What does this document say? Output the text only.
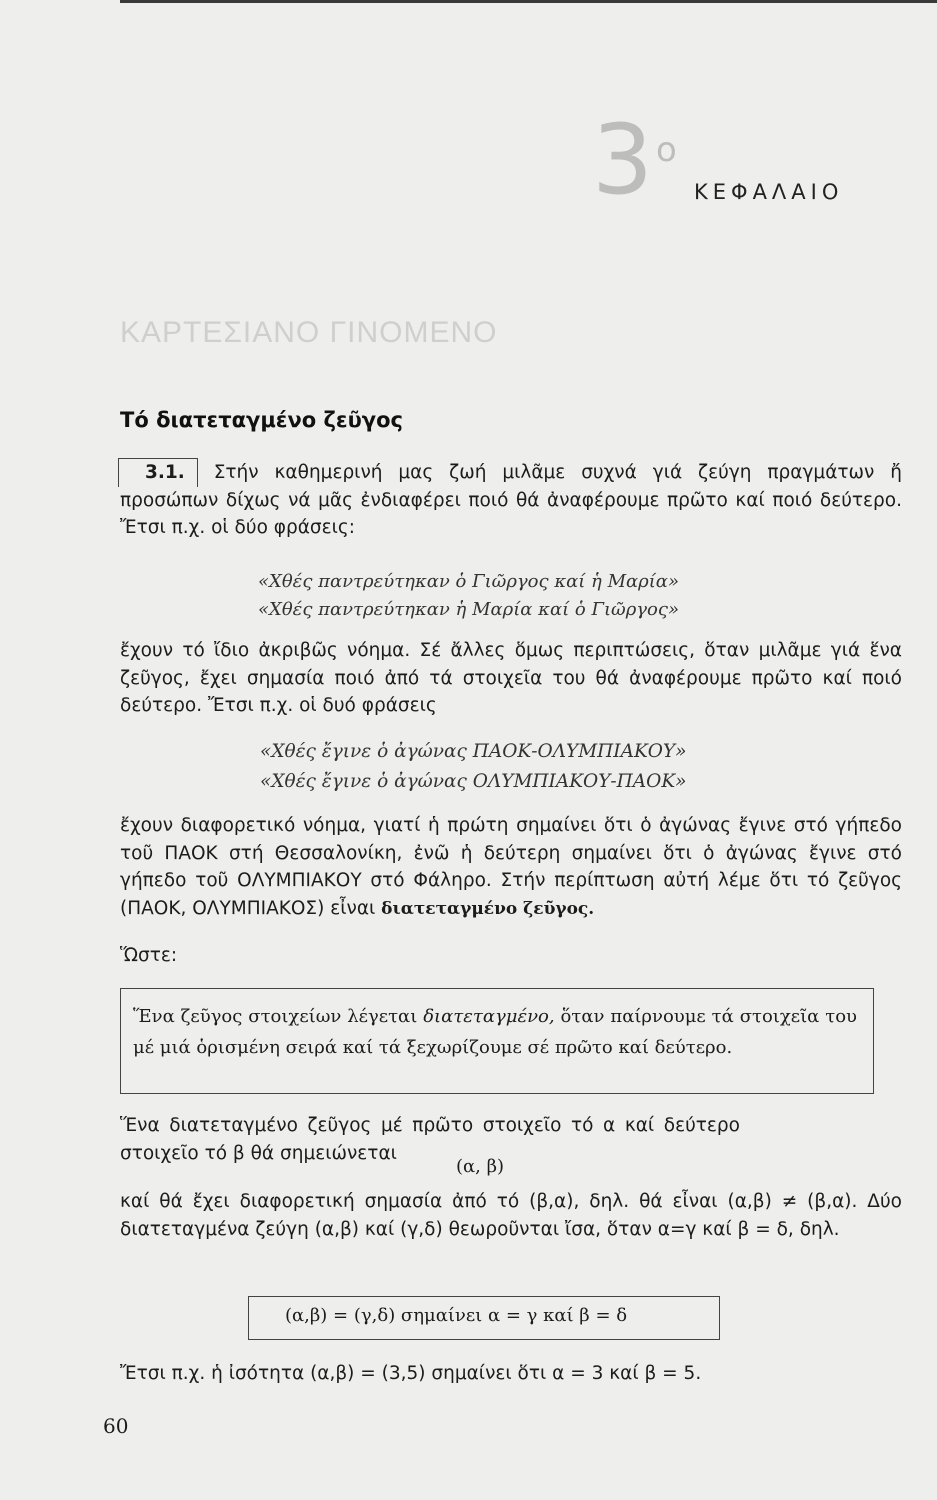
3 ο
ΚΕΦΑΛΑΙΟ
ΚΑΡΤΕΣΙΑΝΟ ΓΙΝΟΜΕΝΟ
Τό διατεταγμένο ζεῦγος

3.1. Στήν καθημερινή μας ζωή μιλᾶμε συχνά γιά ζεύγη πραγμάτων ἤ προσώπων δίχως νά μᾶς ἐνδιαφέρει ποιό θά ἀναφέρουμε πρῶτο καί ποιό δεύτερο. Ἔτσι π.χ. οἱ δύο φράσεις:

«Χθές παντρεύτηκαν ὁ Γιῶργος καί ἡ Μαρία»
«Χθές παντρεύτηκαν ἡ Μαρία καί ὁ Γιῶργος»
ἔχουν τό ἴδιο ἀκριβῶς νόημα. Σέ ἄλλες ὅμως περιπτώσεις, ὅταν μιλᾶμε γιά ἕνα ζεῦγος, ἔχει σημασία ποιό ἀπό τά στοιχεῖα του θά ἀναφέρουμε πρῶτο καί ποιό δεύτερο. Ἔτσι π.χ. οἱ δυό φράσεις
«Χθές ἔγινε ὁ ἀγώνας ΠΑΟΚ-ΟΛΥΜΠΙΑΚΟΥ»
«Χθές ἔγινε ὁ ἀγώνας ΟΛΥΜΠΙΑΚΟΥ-ΠΑΟΚ»

ἔχουν διαφορετικό νόημα, γιατί ἡ πρώτη σημαίνει ὅτι ὁ ἀγώνας ἔγινε στό γήπεδο τοῦ ΠΑΟΚ στή Θεσσαλονίκη, ἐνῶ ἡ δεύτερη σημαίνει ὅτι ὁ ἀγώνας ἔγινε στό γήπεδο τοῦ ΟΛΥΜΠΙΑΚΟΥ στό Φάληρο. Στήν περίπτωση αὐτή λέμε ὅτι τό ζεῦγος (ΠΑΟΚ, ΟΛΥΜΠΙΑΚΟΣ) εἶναι διατεταγμένο ζεῦγος.

Ὥστε:
Ἕνα ζεῦγος στοιχείων λέγεται διατεταγμένο, ὅταν παίρνουμε τά στοιχεῖα του μέ μιά ὁρισμένη σειρά καί τά ξεχωρίζουμε σέ πρῶτο καί δεύτερο.
Ἕνα διατεταγμένο ζεῦγος μέ πρῶτο στοιχεῖο τό α καί δεύτερο στοιχεῖο τό β θά σημειώνεται
(α, β)
καί θά ἔχει διαφορετική σημασία ἀπό τό (β,α), δηλ. θά εἶναι (α,β) ≠ (β,α). Δύο διατεταγμένα ζεύγη (α,β) καί (γ,δ) θεωροῦνται ἴσα, ὅταν α=γ καί β = δ, δηλ.
(α,β) = (γ,δ) σημαίνει α = γ καί β = δ
Ἔτσι π.χ. ἡ ἰσότητα (α,β) = (3,5) σημαίνει ὅτι α = 3 καί β = 5.
60
